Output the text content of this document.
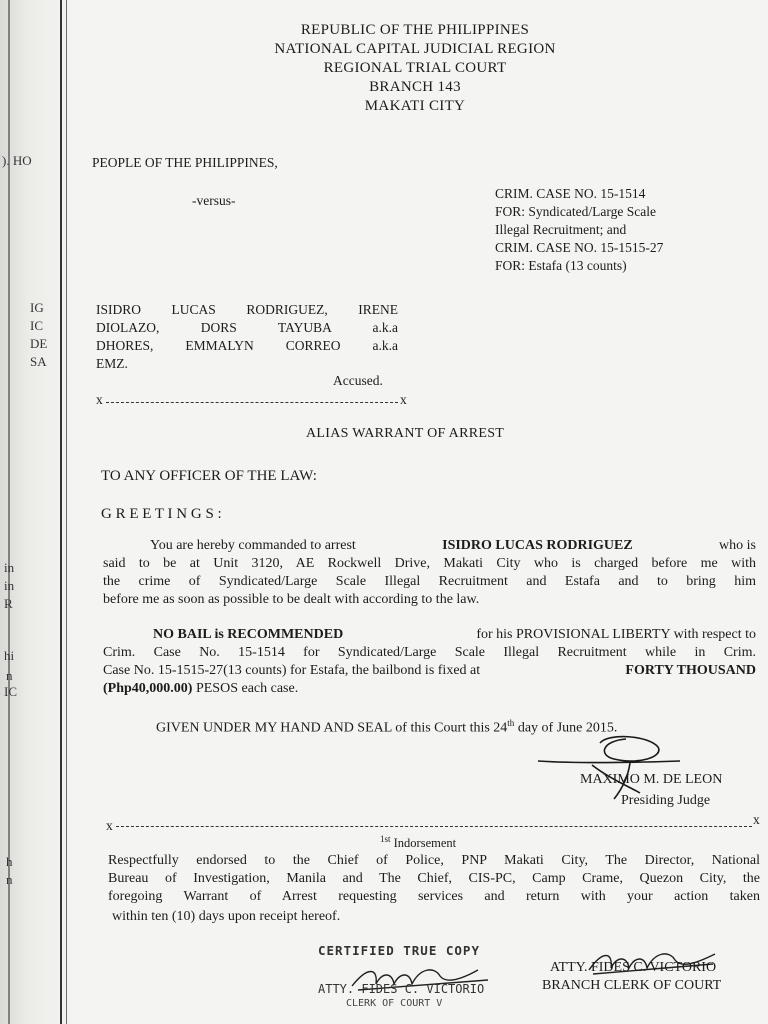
). HO
IG
IC
DE
SA
in
in
R
hi
n
IC
h
n
REPUBLIC OF THE PHILIPPINES
NATIONAL CAPITAL JUDICIAL REGION
REGIONAL TRIAL COURT
BRANCH 143
MAKATI CITY
PEOPLE OF THE PHILIPPINES,
-versus-	CRIM. CASE NO. 15-1514
FOR: Syndicated/Large Scale
Illegal Recruitment; and
CRIM. CASE NO. 15-1515-27
FOR: Estafa (13 counts)
ISIDRO LUCAS RODRIGUEZ, IRENE
DIOLAZO, DORS TAYUBA a.k.a
DHORES, EMMALYN CORREO a.k.a
EMZ.
Accused.
x	x
ALIAS WARRANT OF ARREST
TO ANY OFFICER OF THE LAW:
G R E E T I N G S :
You are hereby commanded to arrest	ISIDRO LUCAS RODRIGUEZ	who is
said to be at Unit 3120, AE Rockwell Drive, Makati City who is charged before me with
the crime of Syndicated/Large Scale Illegal Recruitment and Estafa and to bring him
before me as soon as possible to be dealt with according to the law.
NO BAIL is RECOMMENDED	for his PROVISIONAL LIBERTY with respect to
Crim. Case No. 15-1514 for Syndicated/Large Scale Illegal Recruitment while in Crim.
Case No. 15-1515-27(13 counts) for Estafa, the bailbond is fixed at	FORTY THOUSAND
(Php40,000.00) PESOS each case.
GIVEN UNDER MY HAND AND SEAL of this Court this 24th day of June 2015.
MAXIMO M. DE LEON
Presiding Judge
x	x
$^{1st}$ Indorsement
Respectfully endorsed to the Chief of Police, PNP Makati City, The Director, National
Bureau of Investigation, Manila and The Chief, CIS-PC, Camp Crame, Quezon City, the
foregoing Warrant of Arrest requesting services and return with your action taken
within ten (10) days upon receipt hereof.
CERTIFIED TRUE COPY
ATTY. FIDES C. VICTORIO
CLERK OF COURT V
ATTY. FIDES C. VICTORIO
BRANCH CLERK OF COURT
